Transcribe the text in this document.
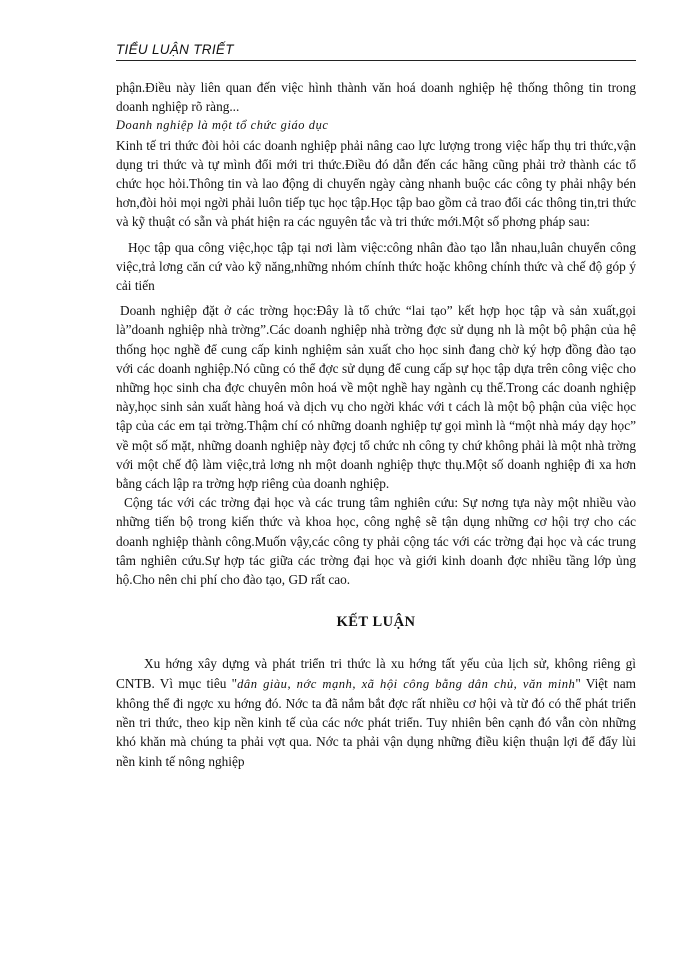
TIỂU LUẬN TRIẾT

phận.Điều này liên quan đến việc hình thành văn hoá doanh nghiệp hệ thống thông tin trong doanh nghiệp rõ ràng...

Doanh nghiệp là một tổ chức giáo dục

Kinh tế tri thức đòi hỏi các doanh nghiệp phải nâng cao lực lượng trong việc hấp thụ tri thức,vận dụng tri thức và tự mình đổi mới tri thức.Điều đó dẫn đến các hãng cũng phải trở thành các tổ chức học hỏi.Thông tin và lao động di chuyển ngày càng nhanh buộc các công ty phải nhậy bén hơn,đòi hỏi mọi ngời phải luôn tiếp tục học tập.Học tập bao gồm cả trao đổi các thông tin,tri thức và kỹ thuật có sẵn và phát hiện ra các nguyên tắc và tri thức mới.Một số phơng pháp sau:

Học tập qua công việc,học tập tại nơi làm việc:công nhân đào tạo lẫn nhau,luân chuyển công việc,trả lơng căn cứ vào kỹ năng,những nhóm chính thức hoặc không chính thức và chế độ góp ý cải tiến

Doanh nghiệp đặt ở các trờng học:Đây là tổ chức “lai tạo” kết hợp học tập và sản xuất,gọi là”doanh nghiệp nhà trờng”.Các doanh nghiệp nhà trờng đợc sử dụng nh là một bộ phận của hệ thống học nghề để cung cấp kinh nghiệm sản xuất cho học sinh đang chờ ký hợp đồng đào tạo với các doanh nghiệp.Nó cũng có thể đợc sử dụng để cung cấp sự học tập dựa trên công việc cho những học sinh cha đợc chuyên môn hoá về một nghề hay ngành cụ thể.Trong các doanh nghiệp này,học sinh sản xuất hàng hoá và dịch vụ cho ngời khác với t cách là một bộ phận của việc học tập của các em tại trờng.Thậm chí có những doanh nghiệp tự gọi mình là “một nhà máy dạy học” về một số mặt, những doanh nghiệp này đợcj tổ chức nh công ty chứ không phải là một nhà trờng với một chế độ làm việc,trả lơng nh một doanh nghiệp thực thụ.Một số doanh nghiệp đi xa hơn bằng cách lập ra trờng hợp riêng của doanh nghiệp.

Cộng tác với các trờng đại học và các trung tâm nghiên cứu: Sự nơng tựa này một nhiều vào những tiến bộ trong kiến thức và khoa học, công nghệ sẽ tận dụng những cơ hội trợ cho các doanh nghiệp thành công.Muốn vậy,các công ty phải cộng tác với các trờng đại học và các trung tâm nghiên cứu.Sự hợp tác giữa các trờng đại học và giới kinh doanh đợc nhiều tầng lớp ủng hộ.Cho nên chi phí cho đào tạo, GD rất cao.

KẾT LUẬN

Xu hớng xây dựng và phát triển tri thức là xu hớng tất yếu của lịch sử, không riêng gì CNTB. Vì mục tiêu "dân giàu, nớc mạnh, xã hội công bằng dân chủ, văn minh" Việt nam không thể đi ngợc xu hớng đó. Nớc ta đã nắm bắt đợc rất nhiều cơ hội và từ đó có thể phát triển nền tri thức, theo kịp nền kinh tế của các nớc phát triển. Tuy nhiên bên cạnh đó vẫn còn những khó khăn mà chúng ta phải vợt qua. Nớc ta phải vận dụng những điều kiện thuận lợi để đẩy lùi nền kinh tế nông nghiệp
